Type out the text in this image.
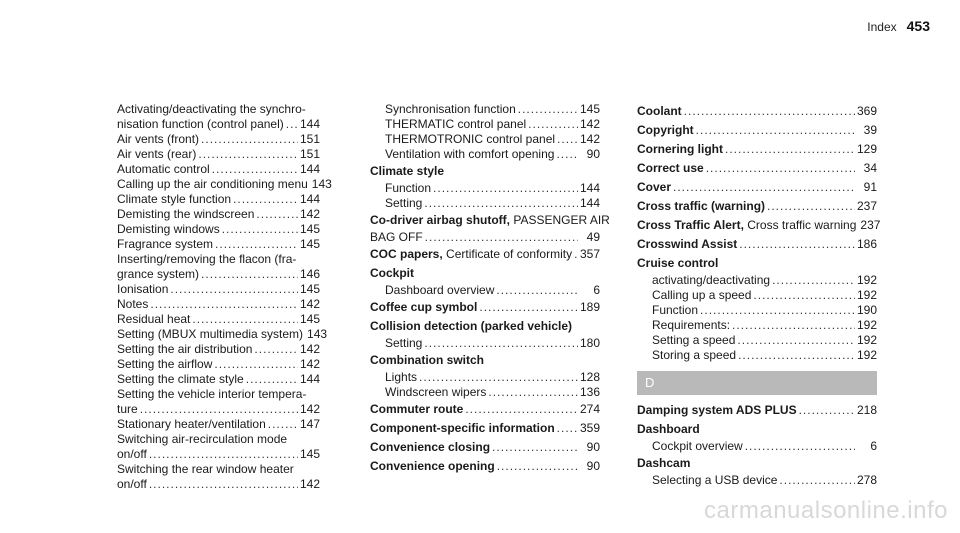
Index 453
Activating/deactivating the synchro-
nisation function (control panel) ..... 144
Air vents (front) .....	151
Air vents (rear) .....	151
Automatic control .....	144
Calling up the air conditioning menu 143
Climate style function .....	144
Demisting the windscreen .....	142
Demisting windows .....	145
Fragrance system .....	145
Inserting/removing the flacon (fra-
grance system) .....	146
Ionisation .....	145
Notes .....	142
Residual heat .....	145
Setting (MBUX multimedia system) 143
Setting the air distribution .....	142
Setting the airflow .....	142
Setting the climate style .....	144
Setting the vehicle interior tempera-
ture .....	142
Stationary heater/ventilation .....	147
Switching air-recirculation mode
on/off .....	145
Switching the rear window heater
on/off .....	142
Synchronisation function .....	145
THERMATIC control panel .....	142
THERMOTRONIC control panel ..... 142
Ventilation with comfort opening .....	90
Climate style
Function .....	144
Setting .....	144
Co-driver airbag shutoff, PASSENGER AIR
BAG OFF .....	49
COC papers, Certificate of conformity ..... 357
Cockpit
Dashboard overview .....	6
Coffee cup symbol .....	189
Collision detection (parked vehicle)
Setting .....	180
Combination switch
Lights .....	128
Windscreen wipers .....	136
Commuter route .....	274
Component-specific information ..... 359
Convenience closing .....	90
Convenience opening .....	90
Coolant .....	369
Copyright .....	39
Cornering light .....	129
Correct use .....	34
Cover .....	91
Cross traffic (warning) .....	237
Cross Traffic Alert, Cross traffic warning 237
Crosswind Assist .....	186
Cruise control
activating/deactivating .....	192
Calling up a speed .....	192
Function .....	190
Requirements: .....	192
Setting a speed .....	192
Storing a speed .....	192
D
Damping system ADS PLUS .....	218
Dashboard
Cockpit overview .....	6
Dashcam
Selecting a USB device .....	278
carmanualsonline.info
